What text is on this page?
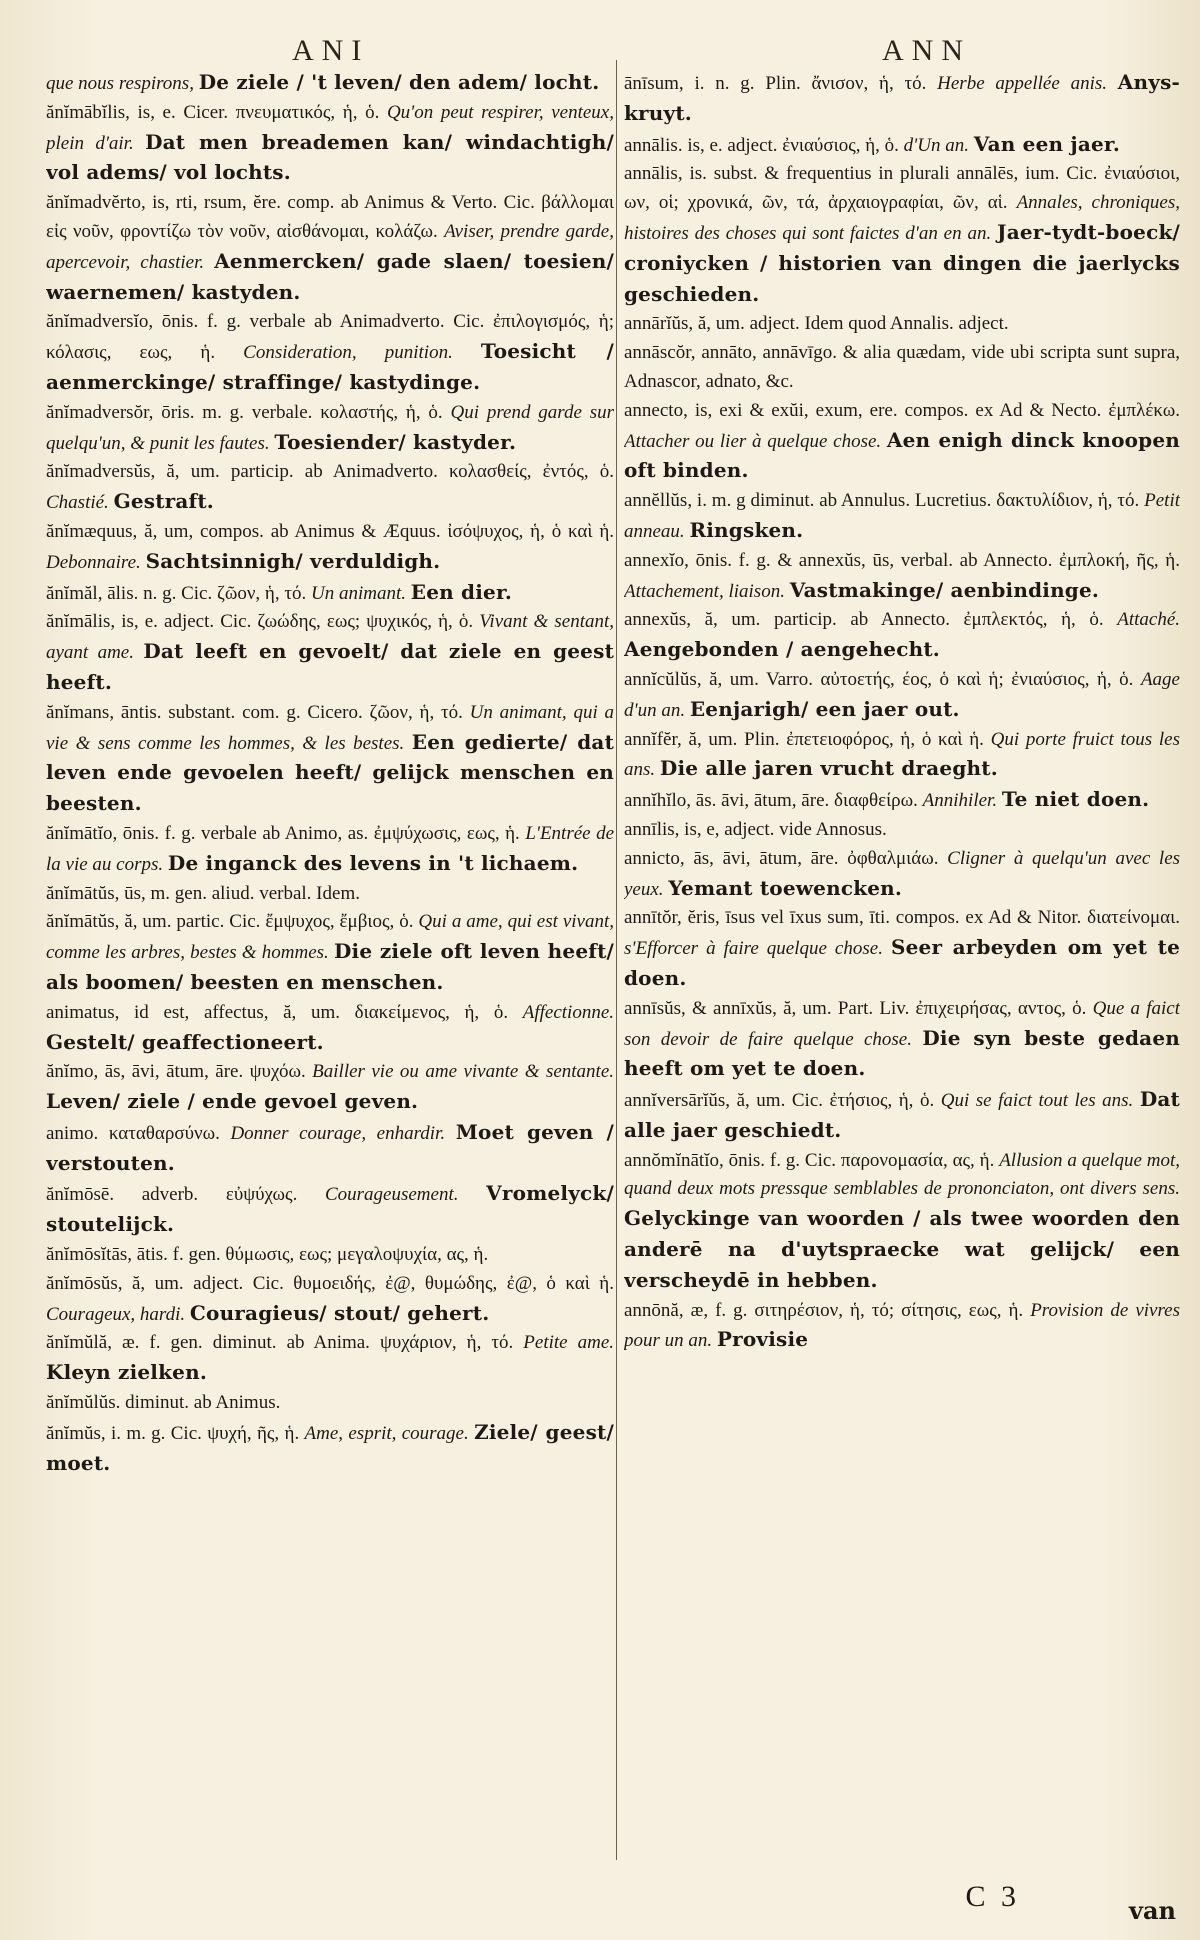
ANI	ANN

que nous respirons, De ziele / 't leven/ den adem/ locht.

ănĭmābĭlis, is, e. Cicer. πνευματικός, ἡ, ὁ. Qu'on peut respirer, venteux, plein d'air. Dat men breademen kan/ windachtigh/ vol adems/ vol lochts.

ănĭmadvĕrto, is, rti, rsum, ĕre. comp. ab Animus & Verto. Cic. βάλλομαι εἰς νοῦν, φροντίζω τὸν νοῦν, αἰσθάνομαι, κολάζω. Aviser, prendre garde, apercevoir, chastier. Aenmercken/ gade slaen/ toesien/ waernemen/ kastyden.

ănĭmadversĭo, ōnis. f. g. verbale ab Animadverto. Cic. ἐπιλογισμός, ἡ; κόλασις, εως, ἡ. Consideration, punition. Toesicht / aenmerckinge/ straffinge/ kastydinge.

ănĭmadversŏr, ōris. m. g. verbale. κολαστής, ἡ, ὁ. Qui prend garde sur quelqu'un, & punit les fautes. Toesiender/ kastyder.

ănĭmadversŭs, ă, um. particip. ab Animadverto. κολασθείς, ἐντός, ὁ. Chastié. Gestraft.

ănĭmæquus, ă, um, compos. ab Animus & Æquus. ἰσόψυχος, ἡ, ὁ καὶ ἡ. Debonnaire. Sachtsinnigh/ verduldigh.

ănĭmăl, ālis. n. g. Cic. ζῶον, ἡ, τό. Un animant. Een dier.

ănĭmālis, is, e. adject. Cic. ζωώδης, εως; ψυχικός, ἡ, ὁ. Vivant & sentant, ayant ame. Dat leeft en gevoelt/ dat ziele en geest heeft.

ănĭmans, āntis. substant. com. g. Cicero. ζῶον, ἡ, τό. Un animant, qui a vie & sens comme les hommes, & les bestes. Een gedierte/ dat leven ende gevoelen heeft/ gelijck menschen en beesten.

ănĭmātĭo, ōnis. f. g. verbale ab Animo, as. ἐμψύχωσις, εως, ἡ. L'Entrée de la vie au corps. De inganck des levens in 't lichaem.

ănĭmātŭs, ūs, m. gen. aliud. verbal. Idem.

ănĭmātŭs, ă, um. partic. Cic. ἔμψυχος, ἔμβιος, ὁ. Qui a ame, qui est vivant, comme les arbres, bestes & hommes. Die ziele oft leven heeft/ als boomen/ beesten en menschen.

animatus, id est, affectus, ă, um. διακείμενος, ἡ, ὁ. Affectionne. Gestelt/ geaffectioneert.

ănĭmo, ās, āvi, ātum, āre. ψυχόω. Bailler vie ou ame vivante & sentante. Leven/ ziele / ende gevoel geven.

animo. καταθαρσύνω. Donner courage, enhardir. Moet geven / verstouten.

ănĭmōsē. adverb. εὐψύχως. Courageusement. Vromelyck/ stoutelijck.

ănĭmōsĭtās, ātis. f. gen. θύμωσις, εως; μεγαλοψυχία, ας, ἡ.

ănĭmōsŭs, ă, um. adject. Cic. θυμοειδής, ἐ@, θυμώδης, ἐ@, ὁ καὶ ἡ. Courageux, hardi. Couragieus/ stout/ gehert.

ănĭmŭlă, æ. f. gen. diminut. ab Anima. ψυχάριον, ἡ, τό. Petite ame. Kleyn zielken.

ănĭmŭlŭs. diminut. ab Animus.

ănĭmŭs, i. m. g. Cic. ψυχή, ῆς, ἡ. Ame, esprit, courage. Ziele/ geest/ moet.

ānīsum, i. n. g. Plin. ἄνισον, ἡ, τό. Herbe appellée anis. Anys-kruyt.

annālis. is, e. adject. ἐνιαύσιος, ἡ, ὁ. d'Un an. Van een jaer.

annālis, is. subst. & frequentius in plurali annālēs, ium. Cic. ἐνιαύσιοι, ων, οἱ; χρονικά, ῶν, τά, ἀρχαιογραφίαι, ῶν, αἱ. Annales, chroniques, histoires des choses qui sont faictes d'an en an. Jaer-tydt-boeck/ croniycken / historien van dingen die jaerlycks geschieden.

annārĭŭs, ă, um. adject. Idem quod Annalis. adject.

annāscŏr, annāto, annāvīgo. & alia quædam, vide ubi scripta sunt supra, Adnascor, adnato, &c.

annecto, is, exi & exŭi, exum, ere. compos. ex Ad & Necto. ἐμπλέκω. Attacher ou lier à quelque chose. Aen enigh dinck knoopen oft binden.

annĕllŭs, i. m. g diminut. ab Annulus. Lucretius. δακτυλίδιον, ἡ, τό. Petit anneau. Ringsken.

annexĭo, ōnis. f. g. & annexŭs, ūs, verbal. ab Annecto. ἐμπλοκή, ῆς, ἡ. Attachement, liaison. Vastmakinge/ aenbindinge.

annexŭs, ă, um. particip. ab Annecto. ἐμπλεκτός, ἡ, ὁ. Attaché. Aengebonden / aengehecht.

annĭcŭlŭs, ă, um. Varro. αὐτοετής, έος, ὁ καὶ ἡ; ἐνιαύσιος, ἡ, ὁ. Aage d'un an. Eenjarigh/ een jaer out.

annĭfĕr, ă, um. Plin. ἐπετειοφόρος, ἡ, ὁ καὶ ἡ. Qui porte fruict tous les ans. Die alle jaren vrucht draeght.

annĭhĭlo, ās. āvi, ātum, āre. διαφθείρω. Annihiler. Te niet doen.

annīlis, is, e, adject. vide Annosus.

annicto, ās, āvi, ātum, āre. ὀφθαλμιάω. Cligner à quelqu'un avec les yeux. Yemant toewencken.

annītŏr, ĕris, īsus vel īxus sum, īti. compos. ex Ad & Nitor. διατείνομαι. s'Efforcer à faire quelque chose. Seer arbeyden om yet te doen.

annīsŭs, & annīxŭs, ă, um. Part. Liv. ἐπιχειρήσας, αντος, ὁ. Que a faict son devoir de faire quelque chose. Die syn beste gedaen heeft om yet te doen.

annĭversārĭŭs, ă, um. Cic. ἐτήσιος, ἡ, ὁ. Qui se faict tout les ans. Dat alle jaer geschiedt.

annŏmĭnātĭo, ōnis. f. g. Cic. παρονομασία, ας, ἡ. Allusion a quelque mot, quand deux mots pressque semblables de prononciaton, ont divers sens. Gelyckinge van woorden / als twee woorden den anderē na d'uytspraecke wat gelijck/ een verscheydē in hebben.

annōnă, æ, f. g. σιτηρέσιον, ἡ, τό; σίτησις, εως, ἡ. Provision de vivres pour un an. Provisie

C 3	van
